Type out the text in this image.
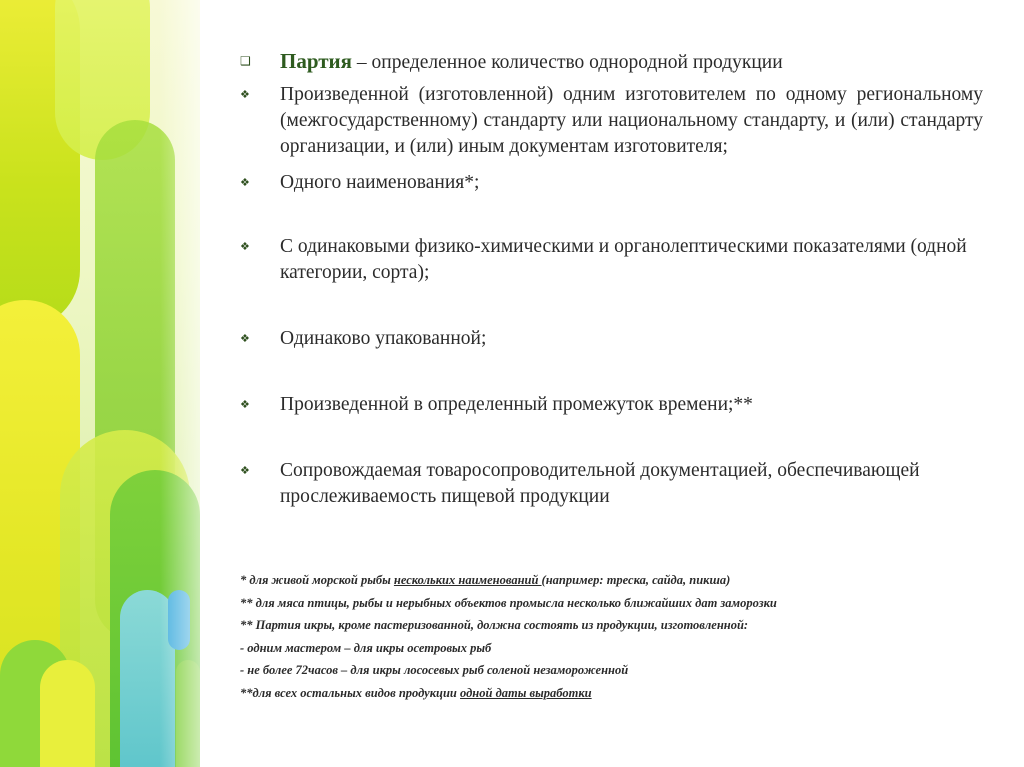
❑ Партия – определенное количество однородной продукции
❖ Произведенной (изготовленной) одним изготовителем по одному региональному (межгосударственному) стандарту или национальному стандарту, и (или) стандарту организации, и (или) иным документам изготовителя;
❖ Одного наименования*;
❖ С одинаковыми физико-химическими и органолептическими показателями (одной категории, сорта);
❖ Одинаково упакованной;
❖ Произведенной в определенный промежуток времени;**
❖ Сопровождаемая товаросопроводительной документацией, обеспечивающей прослеживаемость пищевой продукции
* для живой морской рыбы нескольких наименований (например: треска, сайда, пикша)
** для мяса птицы, рыбы и нерыбных объектов промысла несколько ближайших дат заморозки
** Партия икры, кроме пастеризованной, должна состоять из продукции, изготовленной:
- одним мастером – для икры осетровых рыб
- не более 72часов – для икры лососевых рыб соленой незамороженной
**для всех остальных видов продукции одной даты выработки
